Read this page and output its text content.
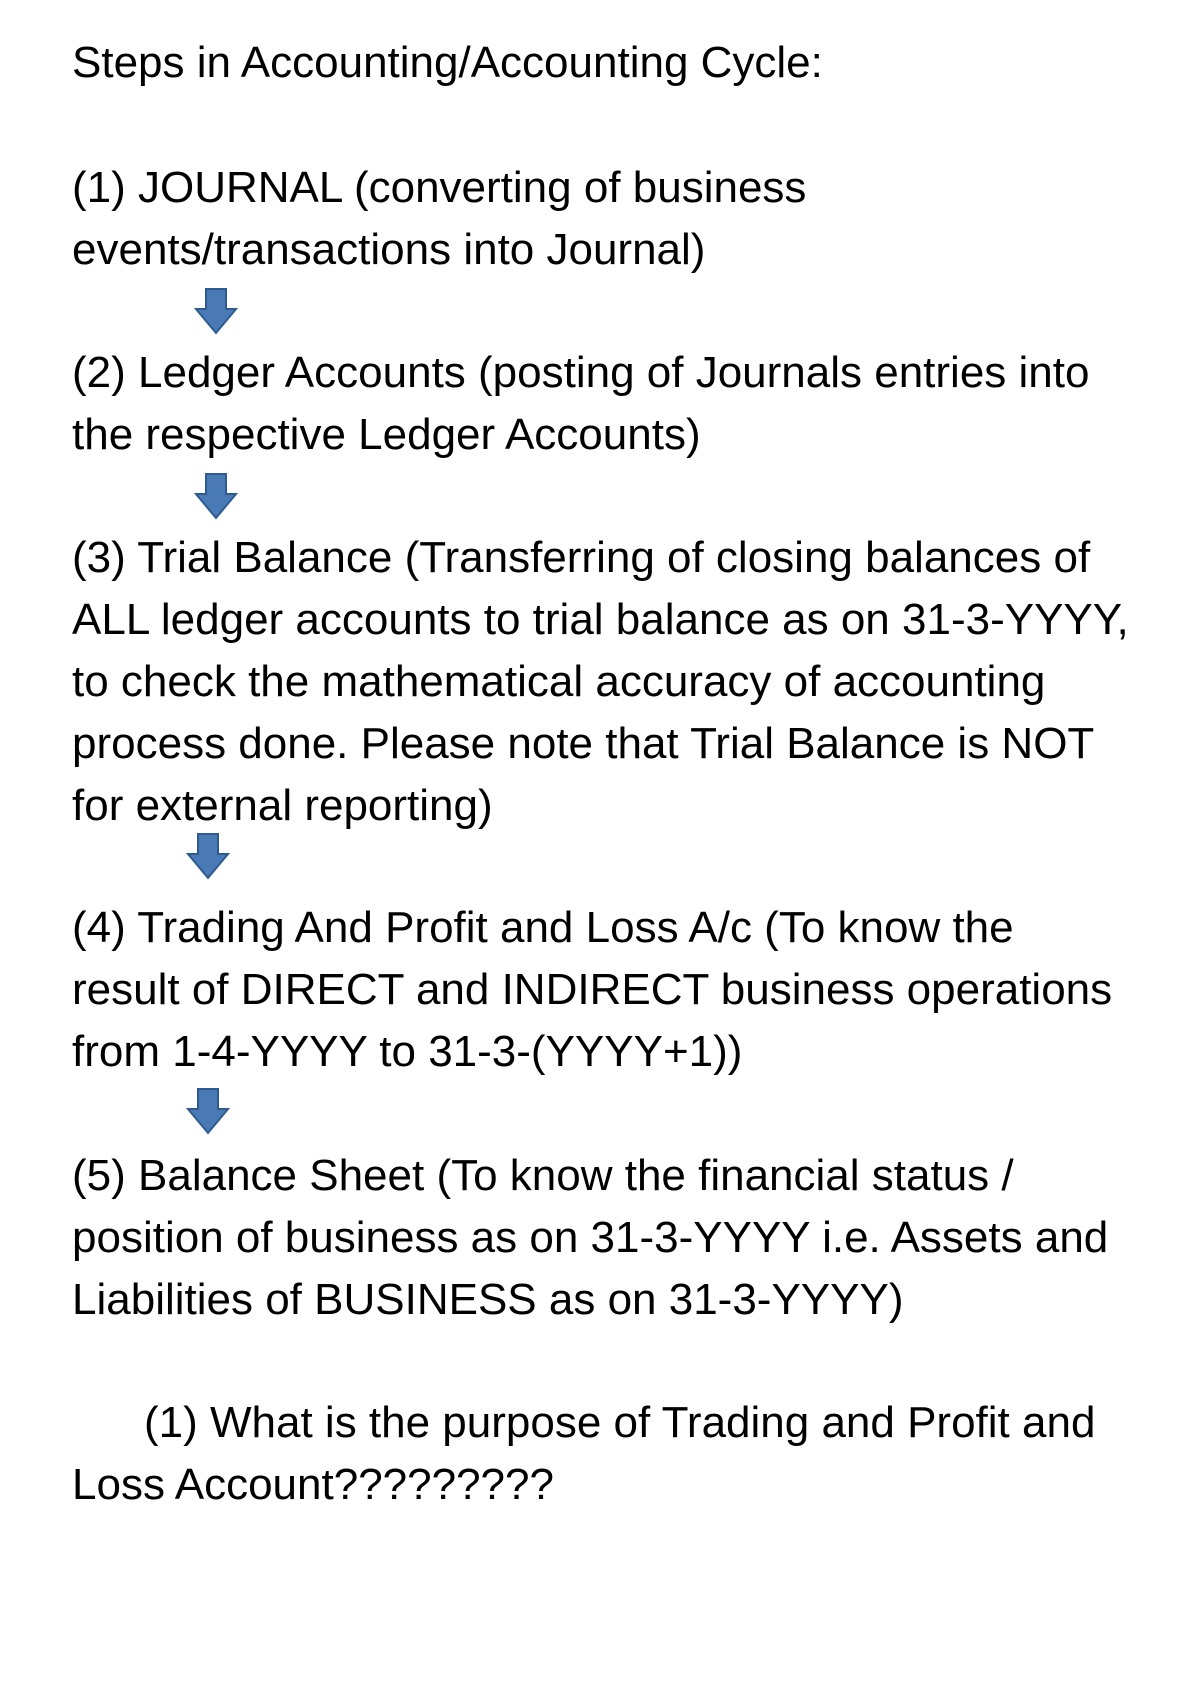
Steps in Accounting/Accounting Cycle:
(1) JOURNAL (converting of business
events/transactions into Journal)
(2) Ledger Accounts (posting of Journals entries into
the respective Ledger Accounts)
(3) Trial Balance (Transferring of closing balances of
ALL ledger accounts to trial balance as on 31-3-YYYY,
to check the mathematical accuracy of accounting
process done. Please note that Trial Balance is NOT
for external reporting)
(4) Trading And Profit and Loss A/c (To know the
result of DIRECT and INDIRECT business operations
from 1-4-YYYY to 31-3-(YYYY+1))
(5) Balance Sheet (To know the financial status /
position of business as on 31-3-YYYY i.e. Assets and
Liabilities of BUSINESS as on 31-3-YYYY)
(1) What is the purpose of Trading and Profit and
Loss Account?????????
